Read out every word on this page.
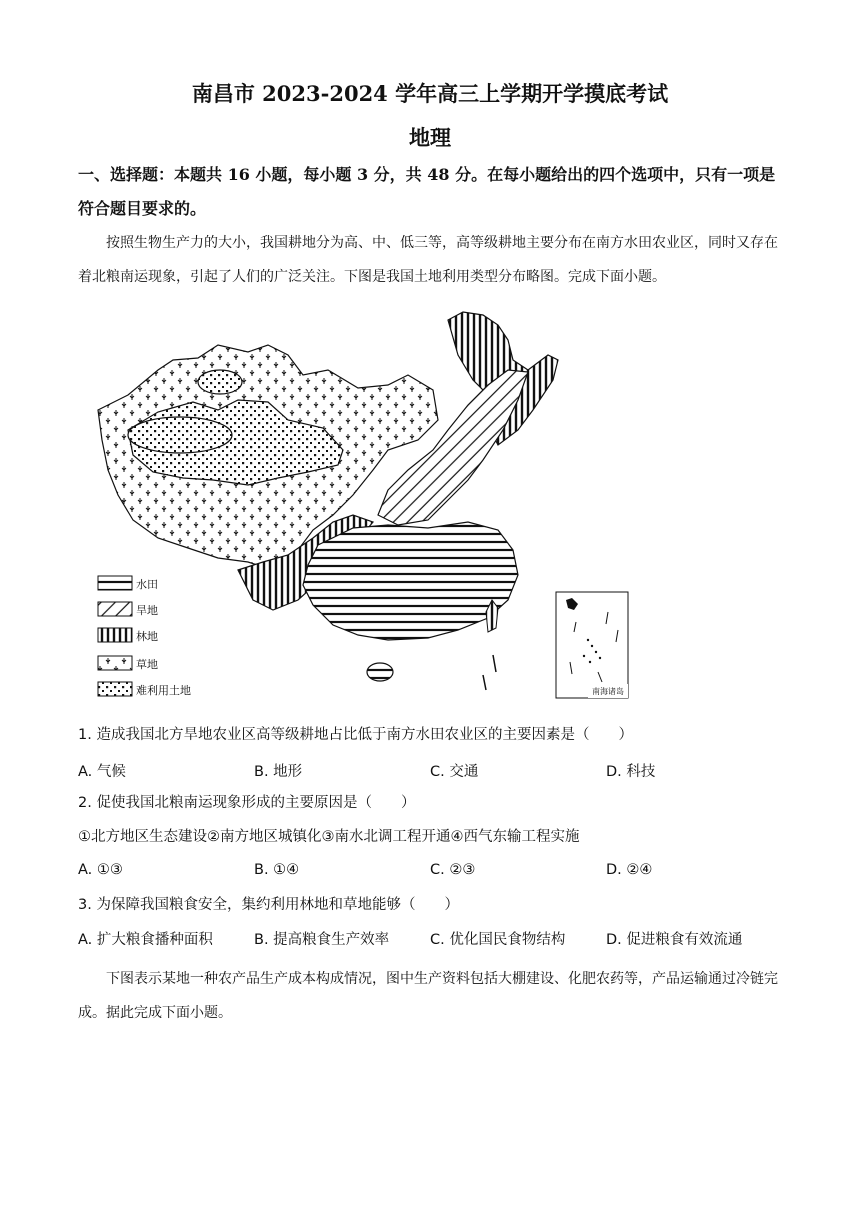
南昌市 2023-2024 学年高三上学期开学摸底考试
地理
一、选择题：本题共 16 小题，每小题 3 分，共 48 分。在每小题给出的四个选项中，只有一项是符合题目要求的。
按照生物生产力的大小，我国耕地分为高、中、低三等，高等级耕地主要分布在南方水田农业区，同时又存在着北粮南运现象，引起了人们的广泛关注。下图是我国土地利用类型分布略图。完成下面小题。
南海诸岛
水田
旱地
林地
草地
难利用土地
1. 造成我国北方旱地农业区高等级耕地占比低于南方水田农业区的主要因素是（　　）
A. 气候	B. 地形	C. 交通	D. 科技
2. 促使我国北粮南运现象形成的主要原因是（　　）
①北方地区生态建设②南方地区城镇化③南水北调工程开通④西气东输工程实施
A. ①③	B. ①④	C. ②③	D. ②④
3. 为保障我国粮食安全，集约利用林地和草地能够（　　）
A. 扩大粮食播种面积	B. 提高粮食生产效率	C. 优化国民食物结构	D. 促进粮食有效流通
下图表示某地一种农产品生产成本构成情况，图中生产资料包括大棚建设、化肥农药等，产品运输通过冷链完成。据此完成下面小题。
